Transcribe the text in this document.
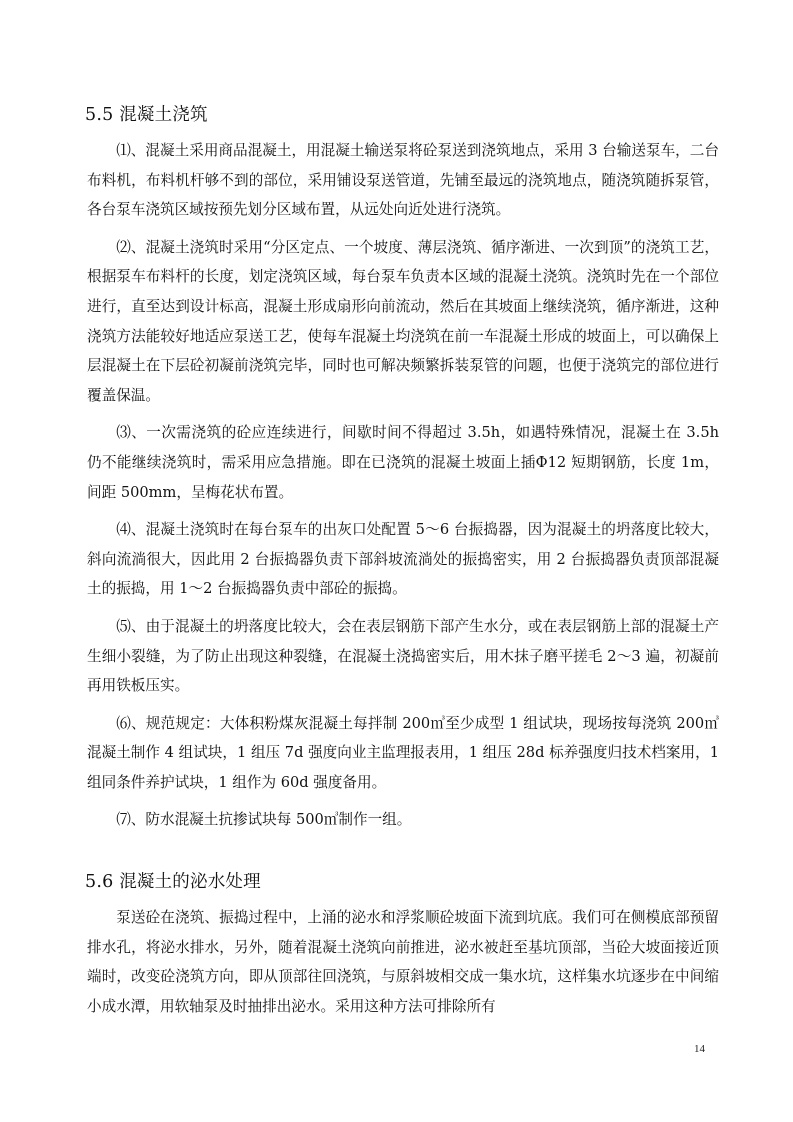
5.5 混凝土浇筑

⑴、混凝土采用商品混凝土，用混凝土输送泵将砼泵送到浇筑地点，采用 3 台输送泵车，二台布料机，布料机杆够不到的部位，采用铺设泵送管道，先铺至最远的浇筑地点，随浇筑随拆泵管，各台泵车浇筑区域按预先划分区域布置，从远处向近处进行浇筑。

⑵、混凝土浇筑时采用“分区定点、一个坡度、薄层浇筑、循序渐进、一次到顶”的浇筑工艺，根据泵车布料杆的长度，划定浇筑区域，每台泵车负责本区域的混凝土浇筑。浇筑时先在一个部位进行，直至达到设计标高，混凝土形成扇形向前流动，然后在其坡面上继续浇筑，循序渐进，这种浇筑方法能较好地适应泵送工艺，使每车混凝土均浇筑在前一车混凝土形成的坡面上，可以确保上层混凝土在下层砼初凝前浇筑完毕，同时也可解决频繁拆装泵管的问题，也便于浇筑完的部位进行覆盖保温。

⑶、一次需浇筑的砼应连续进行，间歇时间不得超过 3.5h，如遇特殊情况，混凝土在 3.5h 仍不能继续浇筑时，需采用应急措施。即在已浇筑的混凝土坡面上插Φ12 短期钢筋，长度 1m，间距 500mm，呈梅花状布置。

⑷、混凝土浇筑时在每台泵车的出灰口处配置 5～6 台振捣器，因为混凝土的坍落度比较大，斜向流淌很大，因此用 2 台振捣器负责下部斜坡流淌处的振捣密实，用 2 台振捣器负责顶部混凝土的振捣，用 1～2 台振捣器负责中部砼的振捣。

⑸、由于混凝土的坍落度比较大，会在表层钢筋下部产生水分，或在表层钢筋上部的混凝土产生细小裂缝，为了防止出现这种裂缝，在混凝土浇捣密实后，用木抹子磨平搓毛 2～3 遍，初凝前再用铁板压实。

⑹、规范规定：大体积粉煤灰混凝土每拌制 200㎥至少成型 1 组试块，现场按每浇筑 200㎥混凝土制作 4 组试块，1 组压 7d 强度向业主监理报表用，1 组压 28d 标养强度归技术档案用，1 组同条件养护试块，1 组作为 60d 强度备用。

⑺、防水混凝土抗掺试块每 500㎥制作一组。

5.6 混凝土的泌水处理

泵送砼在浇筑、振捣过程中，上涌的泌水和浮浆顺砼坡面下流到坑底。我们可在侧模底部预留排水孔，将泌水排水，另外，随着混凝土浇筑向前推进，泌水被赶至基坑顶部，当砼大坡面接近顶端时，改变砼浇筑方向，即从顶部往回浇筑，与原斜坡相交成一集水坑，这样集水坑逐步在中间缩小成水潭，用软轴泵及时抽排出泌水。采用这种方法可排除所有

14
